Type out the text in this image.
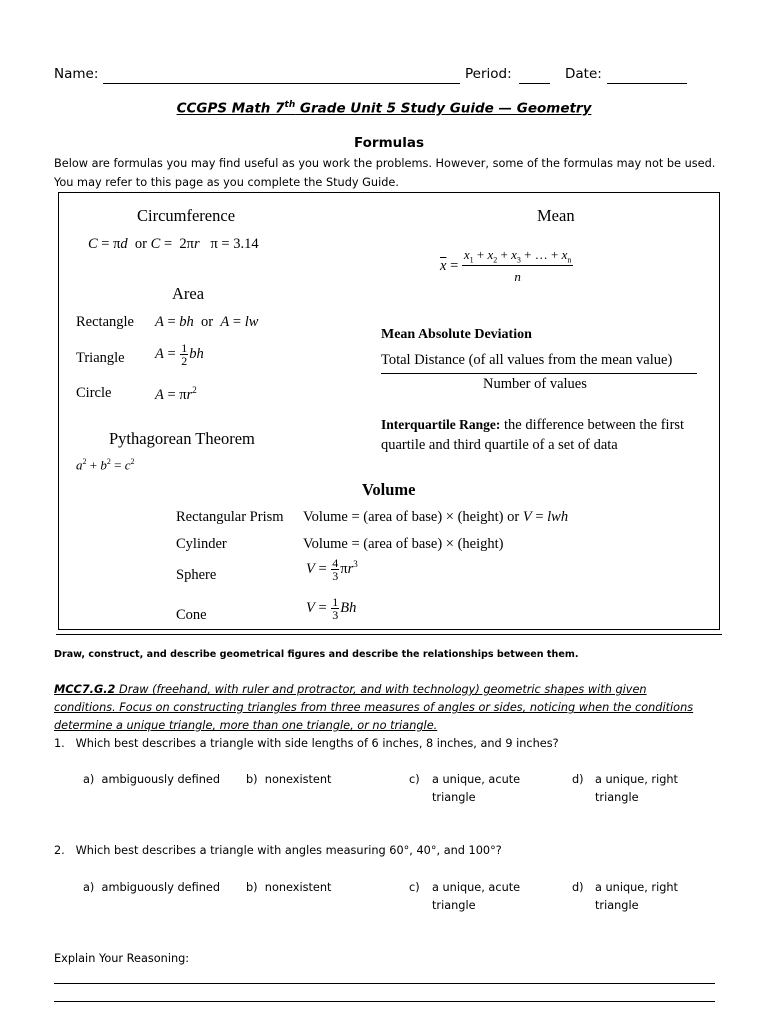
Name:	Period:	Date:
CCGPS Math 7th Grade Unit 5 Study Guide — Geometry
Formulas
Below are formulas you may find useful as you work the problems. However, some of the formulas may not be used. You may refer to this page as you complete the Study Guide.
Circumference
C = πd  or C =  2πr   π = 3.14
Area
Rectangle A = bh  or  A = lw
Triangle $A = \frac{1}{2}$ bh
Circle	$A = \pi r^2$
Pythagorean Theorem
$a^2 + b^2 = c^2$
Mean
$\overline{x} = \frac{x_1 + x_2 + x_3 + \dots + x_n}{n}$
Mean Absolute Deviation
Total Distance (of all values from the mean value)
Number of values
Interquartile Range: the difference between the first
quartile and third quartile of a set of data
Volume
Rectangular Prism Volume = (area of base) × (height) or V = lwh
Cylinder	Volume = (area of base) × (height)
Sphere	$V = \frac{4}{3} \pi r^3$
Cone	$V = \frac{1}{3}$ Bh
Draw, construct, and describe geometrical figures and describe the relationships between them.
MCC7.G.2 Draw (freehand, with ruler and protractor, and with technology) geometric shapes with given
conditions. Focus on constructing triangles from three measures of angles or sides, noticing when the conditions
determine a unique triangle, more than one triangle, or no triangle.
1. Which best describes a triangle with side lengths of 6 inches, 8 inches, and 9 inches?
a) ambiguously defined b) nonexistent	c)	a unique, acute
triangle
d)	a unique, right
triangle
2. Which best describes a triangle with angles measuring 60°, 40°, and 100°?
a) ambiguously defined b) nonexistent	c)	a unique, acute
triangle
d)	a unique, right
triangle
Explain Your Reasoning:
